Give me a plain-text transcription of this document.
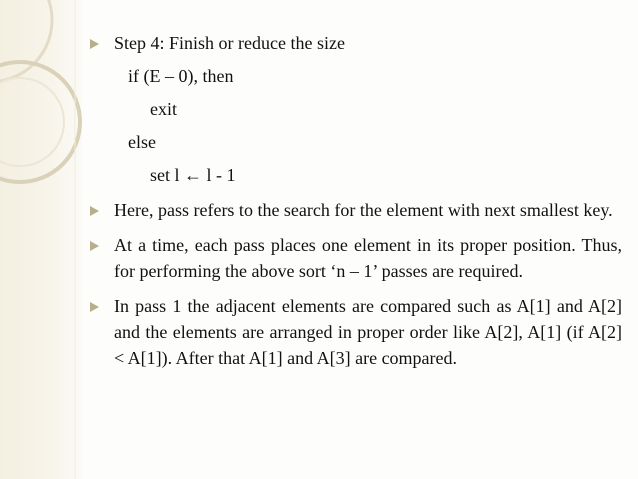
Step 4: Finish or reduce the size
if (E – 0), then
exit
else
set l ← l - 1
Here, pass refers to the search for the element with next smallest key.
At a time, each pass places one element in its proper position. Thus, for performing the above sort ‘n – 1’ passes are required.
In pass 1 the adjacent elements are compared such as A[1] and A[2] and the elements are arranged in proper order like A[2], A[1] (if A[2] < A[1]). After that A[1] and A[3] are compared.
